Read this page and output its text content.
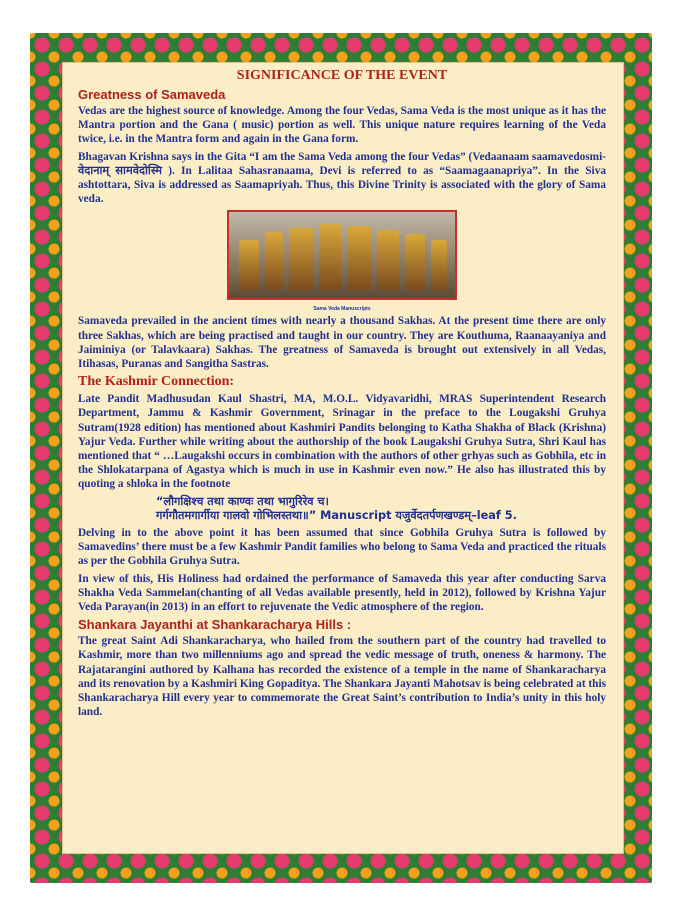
SIGNIFICANCE OF THE EVENT
Greatness of Samaveda

Vedas are the highest source of knowledge. Among the four Vedas, Sama Veda is the most unique as it has the Mantra portion and the Gana ( music) portion as well. This unique nature requires learning of the Veda twice, i.e. in the Mantra form and again in the Gana form.

Bhagavan Krishna says in the Gita “I am the Sama Veda among the four Vedas” (Vedaanaam saamavedosmi- वेदानाम् सामवेदोस्मि ). In Lalitaa Sahasranaama, Devi is referred to as “Saamagaanapriya”. In the Siva ashtottara, Siva is addressed as Saamapriyah. Thus, this Divine Trinity is associated with the glory of Sama veda.

Sama Veda Manuscripts

Samaveda prevailed in the ancient times with nearly a thousand Sakhas. At the present time there are only three Sakhas, which are being practised and taught in our country. They are Kouthuma, Raanaayaniya and Jaiminiya (or Talavkaara) Sakhas. The greatness of Samaveda is brought out extensively in all Vedas, Itihasas, Puranas and Sangitha Sastras.

The Kashmir Connection:

Late Pandit Madhusudan Kaul Shastri, MA, M.O.L. Vidyavaridhi, MRAS Superintendent Research Department, Jammu & Kashmir Government, Srinagar in the preface to the Lougakshi Gruhya Sutram(1928 edition) has mentioned about Kashmiri Pandits belonging to Katha Shakha of Black (Krishna) Yajur Veda. Further while writing about the authorship of the book Laugakshi Gruhya Sutra, Shri Kaul has mentioned that “ …Laugakshi occurs in combination with the authors of other grhyas such as Gobhila, etc in the Shlokatarpana of Agastya which is much in use in Kashmir even now.” He also has illustrated this by quoting a shloka in the footnote

“लौगक्षिश्च तथा काण्वः तथा भागुरिरेव च।
गर्गगौतमगार्गीया गालवो गोभिलस्तथा॥” Manuscript यजुर्वेदतर्पणखण्डम्–leaf 5.

Delving in to the above point it has been assumed that since Gobhila Gruhya Sutra is followed by Samavedins’ there must be a few Kashmir Pandit families who belong to Sama Veda and practiced the rituals as per the Gobhila Gruhya Sutra.

In view of this, His Holiness had ordained the performance of Samaveda this year after conducting Sarva Shakha Veda Sammelan(chanting of all Vedas available presently, held in 2012), followed by Krishna Yajur Veda Parayan(in 2013) in an effort to rejuvenate the Vedic atmosphere of the region.

Shankara Jayanthi at Shankaracharya Hills :

The great Saint Adi Shankaracharya, who hailed from the southern part of the country had travelled to Kashmir, more than two millenniums ago and spread the vedic message of truth, oneness & harmony. The Rajatarangini authored by Kalhana has recorded the existence of a temple in the name of Shankaracharya and its renovation by a Kashmiri King Gopaditya. The Shankara Jayanti Mahotsav is being celebrated at this Shankaracharya Hill every year to commemorate the Great Saint’s contribution to India’s unity in this holy land.
